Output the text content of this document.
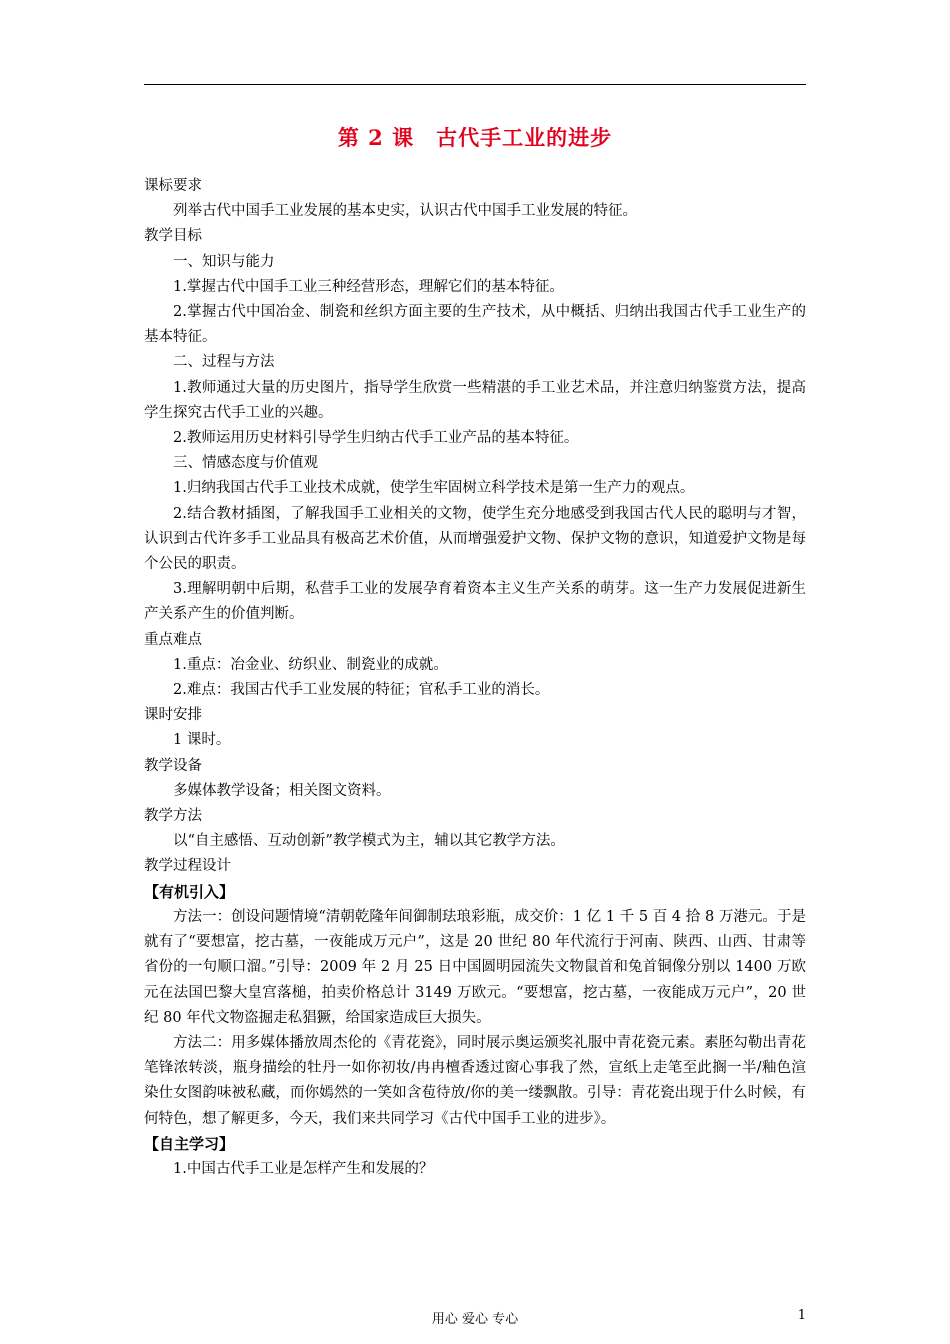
第 2 课　古代手工业的进步

课标要求

列举古代中国手工业发展的基本史实，认识古代中国手工业发展的特征。

教学目标

一、知识与能力

1.掌握古代中国手工业三种经营形态，理解它们的基本特征。

2.掌握古代中国冶金、制瓷和丝织方面主要的生产技术，从中概括、归纳出我国古代手工业生产的基本特征。

二、过程与方法

1.教师通过大量的历史图片，指导学生欣赏一些精湛的手工业艺术品，并注意归纳鉴赏方法，提高学生探究古代手工业的兴趣。

2.教师运用历史材料引导学生归纳古代手工业产品的基本特征。

三、情感态度与价值观

1.归纳我国古代手工业技术成就，使学生牢固树立科学技术是第一生产力的观点。

2.结合教材插图，了解我国手工业相关的文物，使学生充分地感受到我国古代人民的聪明与才智，认识到古代许多手工业品具有极高艺术价值，从而增强爱护文物、保护文物的意识，知道爱护文物是每个公民的职责。

3.理解明朝中后期，私营手工业的发展孕育着资本主义生产关系的萌芽。这一生产力发展促进新生产关系产生的价值判断。

重点难点

1.重点：冶金业、纺织业、制瓷业的成就。

2.难点：我国古代手工业发展的特征；官私手工业的消长。

课时安排

1 课时。

教学设备

多媒体教学设备；相关图文资料。

教学方法

以“自主感悟、互动创新”教学模式为主，辅以其它教学方法。

教学过程设计

【有机引入】

方法一：创设问题情境“清朝乾隆年间御制珐琅彩瓶，成交价：1 亿 1 千 5 百 4 拾 8 万港元。于是就有了“要想富，挖古墓，一夜能成万元户”，这是 20 世纪 80 年代流行于河南、陕西、山西、甘肃等省份的一句顺口溜。”引导：2009 年 2 月 25 日中国圆明园流失文物鼠首和兔首铜像分别以 1400 万欧元在法国巴黎大皇宫落槌，拍卖价格总计 3149 万欧元。“要想富，挖古墓，一夜能成万元户”，20 世纪 80 年代文物盗掘走私猖獗，给国家造成巨大损失。

方法二：用多媒体播放周杰伦的《青花瓷》，同时展示奥运颁奖礼服中青花瓷元素。素胚勾勒出青花笔锋浓转淡，瓶身描绘的牡丹一如你初妆/冉冉檀香透过窗心事我了然，宣纸上走笔至此搁一半/釉色渲染仕女图韵味被私藏，而你嫣然的一笑如含苞待放/你的美一缕飘散。引导：青花瓷出现于什么时候，有何特色，想了解更多，今天，我们来共同学习《古代中国手工业的进步》。

【自主学习】

1.中国古代手工业是怎样产生和发展的？

用心 爱心 专心	1
